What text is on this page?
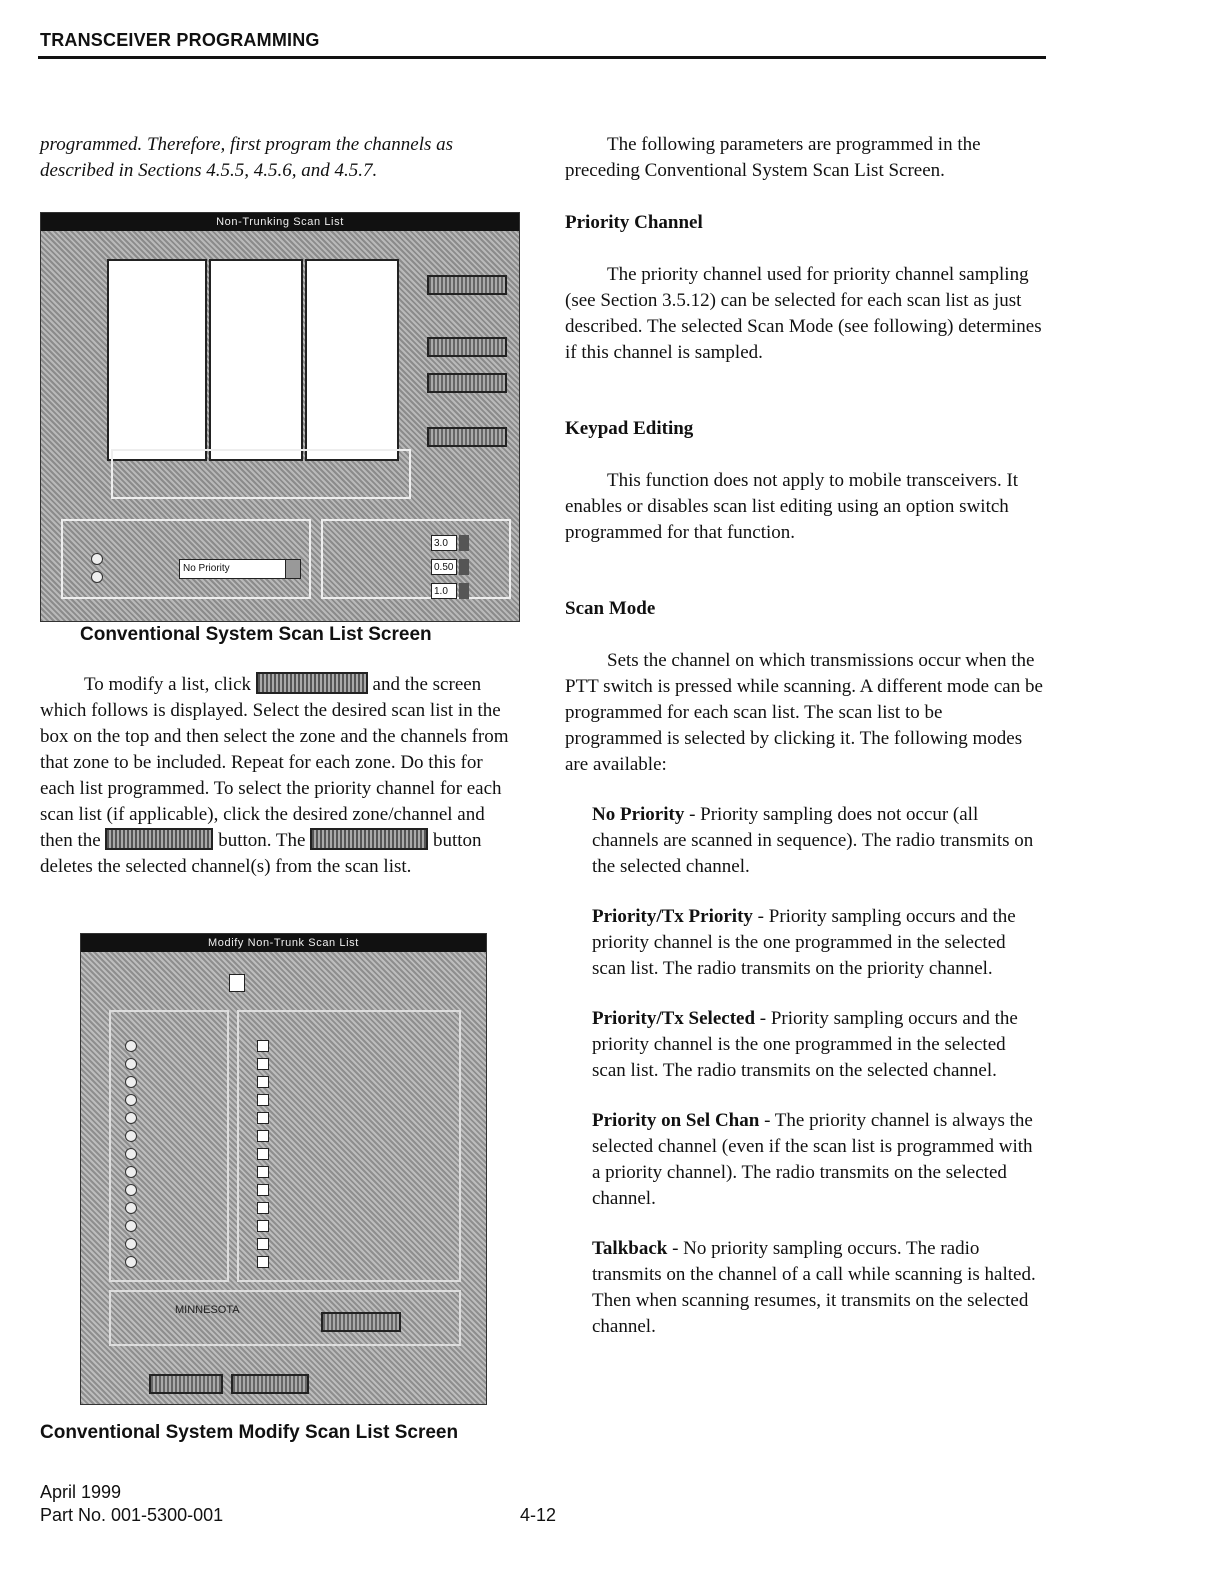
TRANSCEIVER PROGRAMMING

programmed. Therefore, first program the channels as described in Sections 4.5.5, 4.5.6, and 4.5.7.

Non-Trunking Scan List
No Priority
3.0
0.50
1.0
Conventional System Scan List Screen
To modify a list, click	and the screen which follows is displayed. Select the desired scan list in the box on the top and then select the zone and the channels from that zone to be included. Repeat for each zone. Do this for each list programmed. To select the priority channel for each scan list (if applicable), click the desired zone/channel and then the	button. The	button deletes the selected channel(s) from the scan list.
Modify Non-Trunk Scan List
MINNESOTA
Conventional System Modify Scan List Screen

The following parameters are programmed in the preceding Conventional System Scan List Screen.

Priority Channel

The priority channel used for priority channel sampling (see Section 3.5.12) can be selected for each scan list as just described. The selected Scan Mode (see following) determines if this channel is sampled.

Keypad Editing

This function does not apply to mobile transceivers. It enables or disables scan list editing using an option switch programmed for that function.

Scan Mode

Sets the channel on which transmissions occur when the PTT switch is pressed while scanning. A different mode can be programmed for each scan list. The scan list to be programmed is selected by clicking it. The following modes are available:

No Priority - Priority sampling does not occur (all channels are scanned in sequence). The radio transmits on the selected channel.

Priority/Tx Priority - Priority sampling occurs and the priority channel is the one programmed in the selected scan list. The radio transmits on the priority channel.

Priority/Tx Selected - Priority sampling occurs and the priority channel is the one programmed in the selected scan list. The radio transmits on the selected channel.

Priority on Sel Chan - The priority channel is always the selected channel (even if the scan list is programmed with a priority channel). The radio transmits on the selected channel.

Talkback - No priority sampling occurs. The radio transmits on the channel of a call while scanning is halted. Then when scanning resumes, it transmits on the selected channel.

April 1999
Part No. 001-5300-001	4-12
